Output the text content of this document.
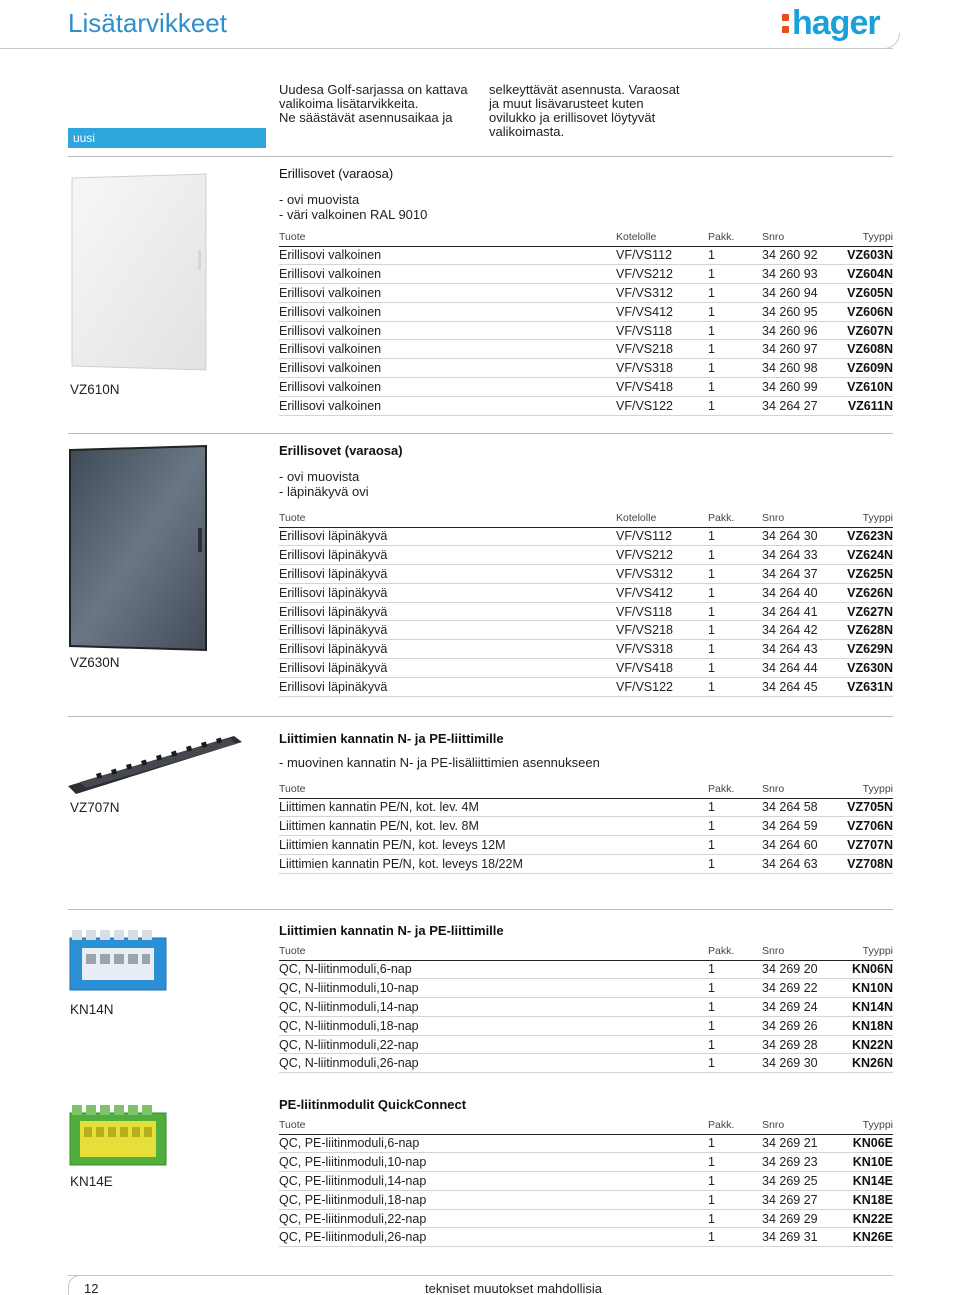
Lisätarvikkeet	hager
uusi
Uudesa Golf-sarjassa on kattava
valikoima lisätarvikkeita.
Ne säästävät asennusaikaa ja
selkeyttävät asennusta. Varaosat
ja muut lisävarusteet kuten
ovilukko ja erillisovet löytyvät
valikoimasta.
VZ610N
Erillisovet (varaosa)
- ovi muovista
- väri valkoinen RAL 9010
Tuote	Kotelolle	Pakk.	Snro	Tyyppi
Erillisovi valkoinen	VF/VS112	1	34 260 92	VZ603N
Erillisovi valkoinen	VF/VS212	1	34 260 93	VZ604N
Erillisovi valkoinen	VF/VS312	1	34 260 94	VZ605N
Erillisovi valkoinen	VF/VS412	1	34 260 95	VZ606N
Erillisovi valkoinen	VF/VS118	1	34 260 96	VZ607N
Erillisovi valkoinen	VF/VS218	1	34 260 97	VZ608N
Erillisovi valkoinen	VF/VS318	1	34 260 98	VZ609N
Erillisovi valkoinen	VF/VS418	1	34 260 99	VZ610N
Erillisovi valkoinen	VF/VS122	1	34 264 27	VZ611N
VZ630N
Erillisovet (varaosa)
- ovi muovista
- läpinäkyvä ovi
Tuote	Kotelolle	Pakk.	Snro	Tyyppi
Erillisovi läpinäkyvä	VF/VS112	1	34 264 30	VZ623N
Erillisovi läpinäkyvä	VF/VS212	1	34 264 33	VZ624N
Erillisovi läpinäkyvä	VF/VS312	1	34 264 37	VZ625N
Erillisovi läpinäkyvä	VF/VS412	1	34 264 40	VZ626N
Erillisovi läpinäkyvä	VF/VS118	1	34 264 41	VZ627N
Erillisovi läpinäkyvä	VF/VS218	1	34 264 42	VZ628N
Erillisovi läpinäkyvä	VF/VS318	1	34 264 43	VZ629N
Erillisovi läpinäkyvä	VF/VS418	1	34 264 44	VZ630N
Erillisovi läpinäkyvä	VF/VS122	1	34 264 45	VZ631N
VZ707N
Liittimien kannatin N- ja PE-liittimille
- muovinen kannatin N- ja PE-lisäliittimien asennukseen
Tuote	Pakk.	Snro	Tyyppi
Liittimen kannatin PE/N, kot. lev. 4M	1	34 264 58	VZ705N
Liittimen kannatin PE/N, kot. lev. 8M	1	34 264 59	VZ706N
Liittimien kannatin PE/N, kot. leveys 12M	1	34 264 60	VZ707N
Liittimien kannatin PE/N, kot. leveys 18/22M	1	34 264 63	VZ708N
KN14N
Liittimien kannatin N- ja PE-liittimille
Tuote	Pakk.	Snro	Tyyppi
QC, N-liitinmoduli,6-nap	1	34 269 20	KN06N
QC, N-liitinmoduli,10-nap	1	34 269 22	KN10N
QC, N-liitinmoduli,14-nap	1	34 269 24	KN14N
QC, N-liitinmoduli,18-nap	1	34 269 26	KN18N
QC, N-liitinmoduli,22-nap	1	34 269 28	KN22N
QC, N-liitinmoduli,26-nap	1	34 269 30	KN26N
KN14E
PE-liitinmodulit QuickConnect
Tuote	Pakk.	Snro	Tyyppi
QC, PE-liitinmoduli,6-nap	1	34 269 21	KN06E
QC, PE-liitinmoduli,10-nap	1	34 269 23	KN10E
QC, PE-liitinmoduli,14-nap	1	34 269 25	KN14E
QC, PE-liitinmoduli,18-nap	1	34 269 27	KN18E
QC, PE-liitinmoduli,22-nap	1	34 269 29	KN22E
QC, PE-liitinmoduli,26-nap	1	34 269 31	KN26E
12	tekniset muutokset mahdollisia
